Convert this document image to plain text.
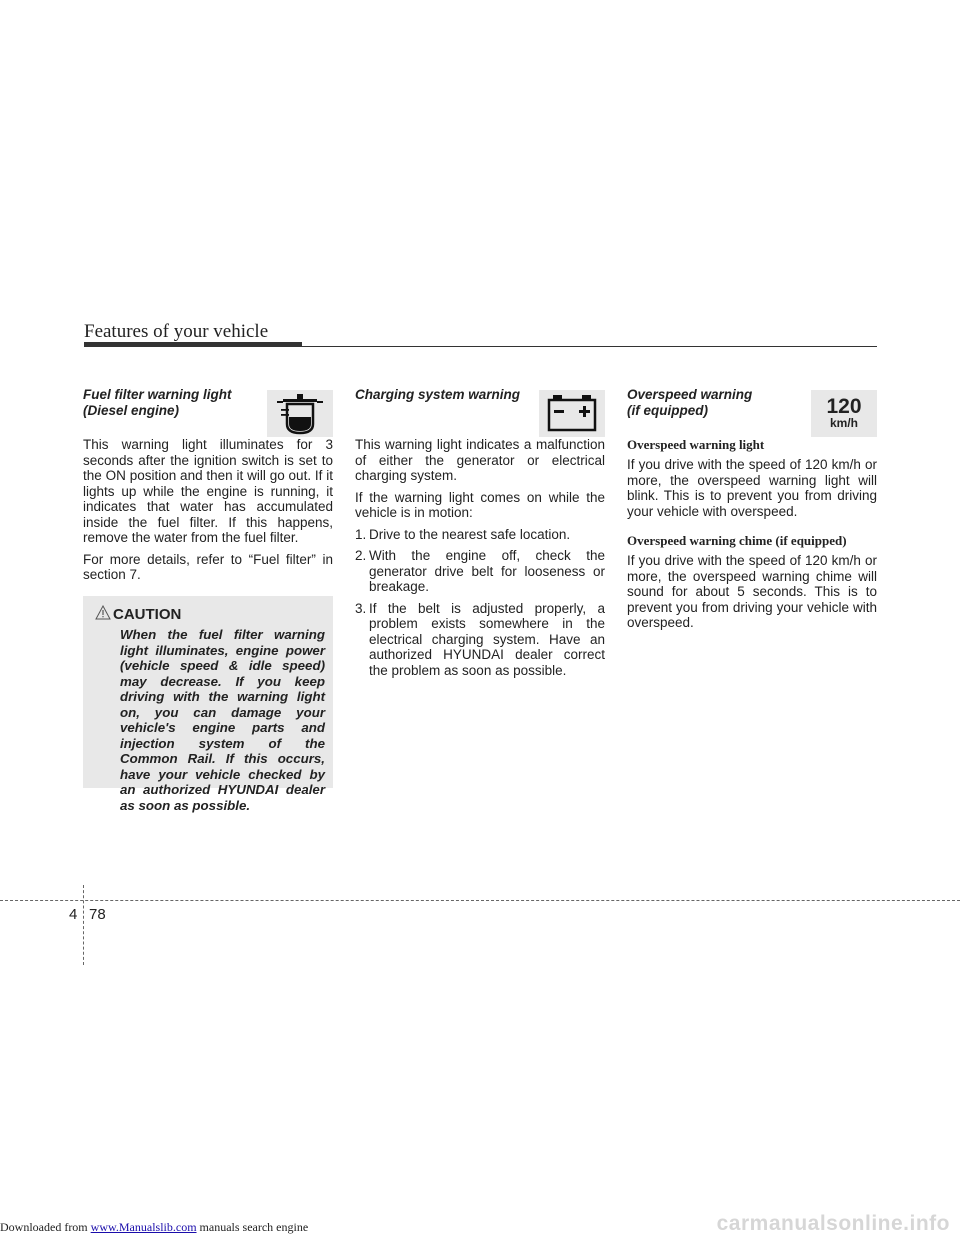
Features of your vehicle
Fuel filter warning light
(Diesel engine)

This warning light illuminates for 3 seconds after the ignition switch is set to the ON position and then it will go out. If it lights up while the engine is running, it indicates that water has accumulated inside the fuel filter. If this happens, remove the water from the fuel filter.

For more details, refer to “Fuel filter” in section 7.

CAUTION
When the fuel filter warning light illuminates, engine power (vehicle speed & idle speed) may decrease. If you keep driving with the warning light on, you can damage your vehicle's engine parts and injection system of the Common Rail. If this occurs, have your vehicle checked by an authorized HYUNDAI dealer as soon as possible.
Charging system warning

This warning light indicates a malfunction of either the generator or electrical charging system.

If the warning light comes on while the vehicle is in motion:

1. Drive to the nearest safe location.
2. With the engine off, check the generator drive belt for looseness or breakage.
3. If the belt is adjusted properly, a problem exists somewhere in the electrical charging system. Have an authorized HYUNDAI dealer correct the problem as soon as possible.
Overspeed warning
(if equipped)	120
km/h
Overspeed warning light

If you drive with the speed of 120 km/h or more, the overspeed warning light will blink. This is to prevent you from driving your vehicle with overspeed.

Overspeed warning chime (if equipped)

If you drive with the speed of 120 km/h or more, the overspeed warning chime will sound for about 5 seconds. This is to prevent you from driving your vehicle with overspeed.

4 78
Downloaded from www.Manualslib.com manuals search engine	carmanualsonline.info
